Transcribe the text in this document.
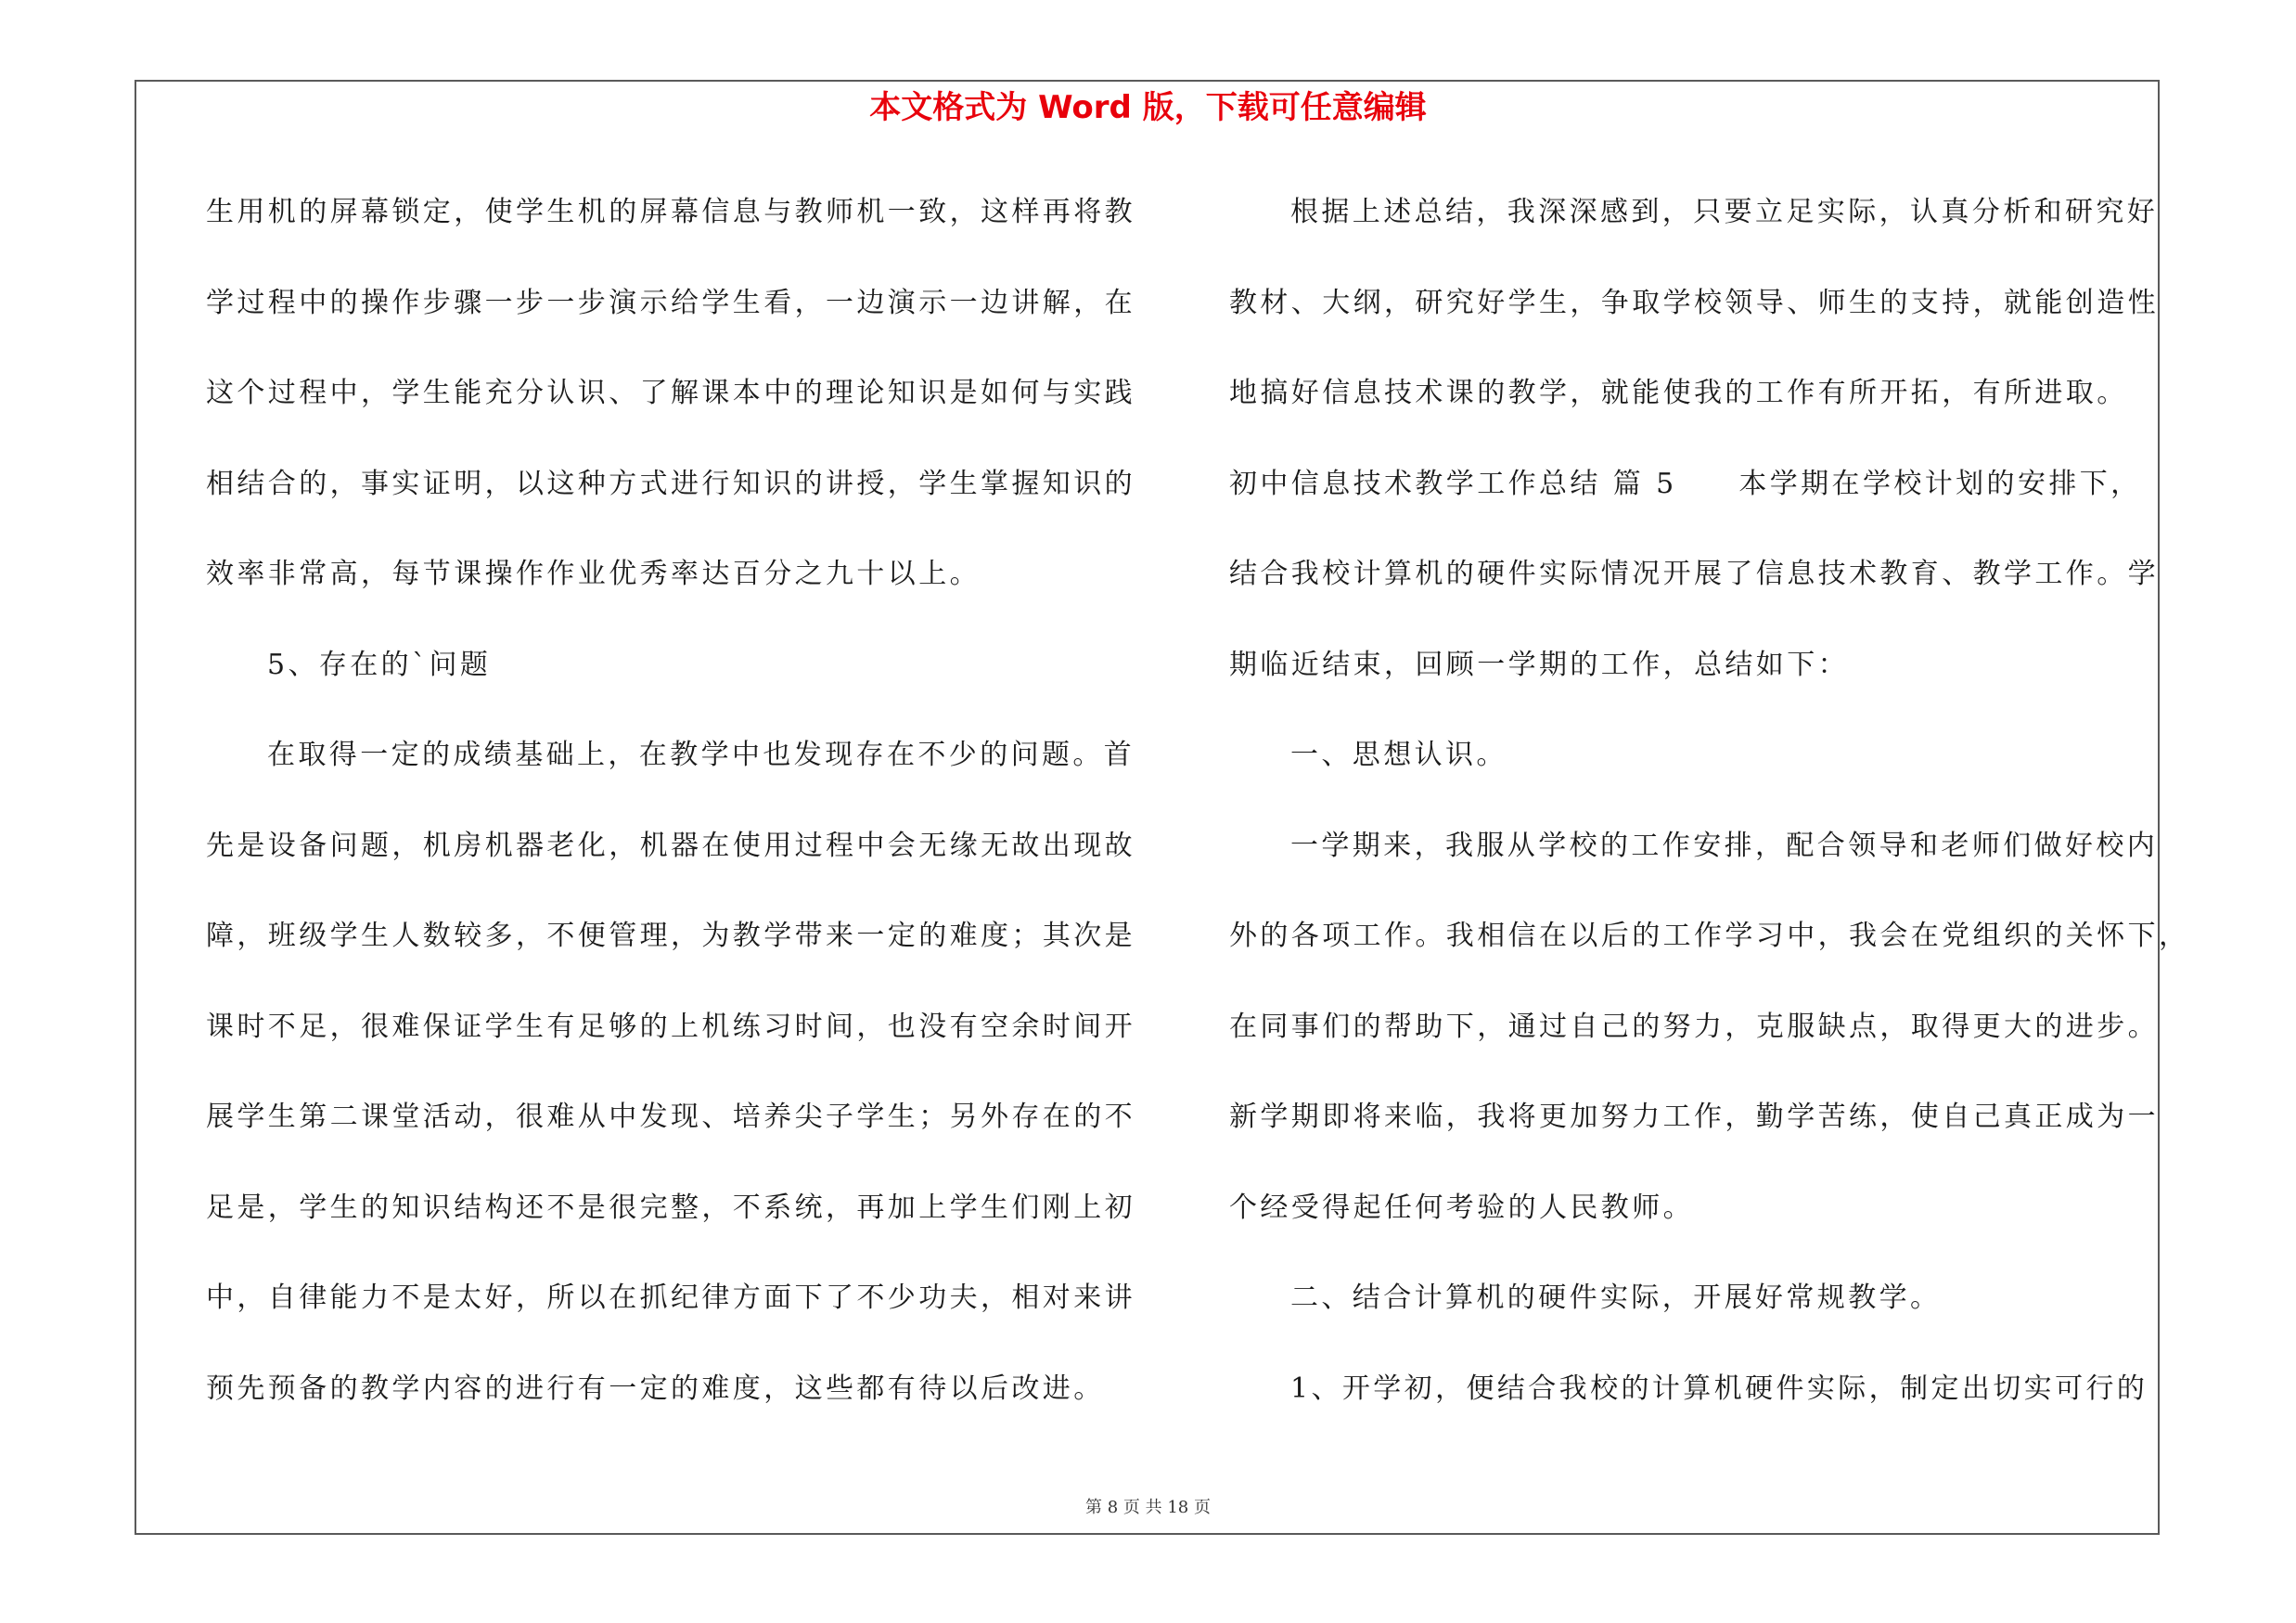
本文格式为 Word 版，下载可任意编辑
生用机的屏幕锁定，使学生机的屏幕信息与教师机一致，这样再将教
学过程中的操作步骤一步一步演示给学生看，一边演示一边讲解，在
这个过程中，学生能充分认识、了解课本中的理论知识是如何与实践
相结合的，事实证明，以这种方式进行知识的讲授，学生掌握知识的
效率非常高，每节课操作作业优秀率达百分之九十以上。
5、存在的`问题
在取得一定的成绩基础上，在教学中也发现存在不少的问题。首
先是设备问题，机房机器老化，机器在使用过程中会无缘无故出现故
障，班级学生人数较多，不便管理，为教学带来一定的难度；其次是
课时不足，很难保证学生有足够的上机练习时间，也没有空余时间开
展学生第二课堂活动，很难从中发现、培养尖子学生；另外存在的不
足是，学生的知识结构还不是很完整，不系统，再加上学生们刚上初
中，自律能力不是太好，所以在抓纪律方面下了不少功夫，相对来讲
预先预备的教学内容的进行有一定的难度，这些都有待以后改进。
根据上述总结，我深深感到，只要立足实际，认真分析和研究好
教材、大纲，研究好学生，争取学校领导、师生的支持，就能创造性
地搞好信息技术课的教学，就能使我的工作有所开拓，有所进取。
初中信息技术教学工作总结 篇 5　　本学期在学校计划的安排下，
结合我校计算机的硬件实际情况开展了信息技术教育、教学工作。学
期临近结束，回顾一学期的工作，总结如下：
一、思想认识。
一学期来，我服从学校的工作安排，配合领导和老师们做好校内
外的各项工作。我相信在以后的工作学习中，我会在党组织的关怀下，
在同事们的帮助下，通过自己的努力，克服缺点，取得更大的进步。
新学期即将来临，我将更加努力工作，勤学苦练，使自己真正成为一
个经受得起任何考验的人民教师。
二、结合计算机的硬件实际，开展好常规教学。
1、开学初，便结合我校的计算机硬件实际，制定出切实可行的
第 8 页 共 18 页
